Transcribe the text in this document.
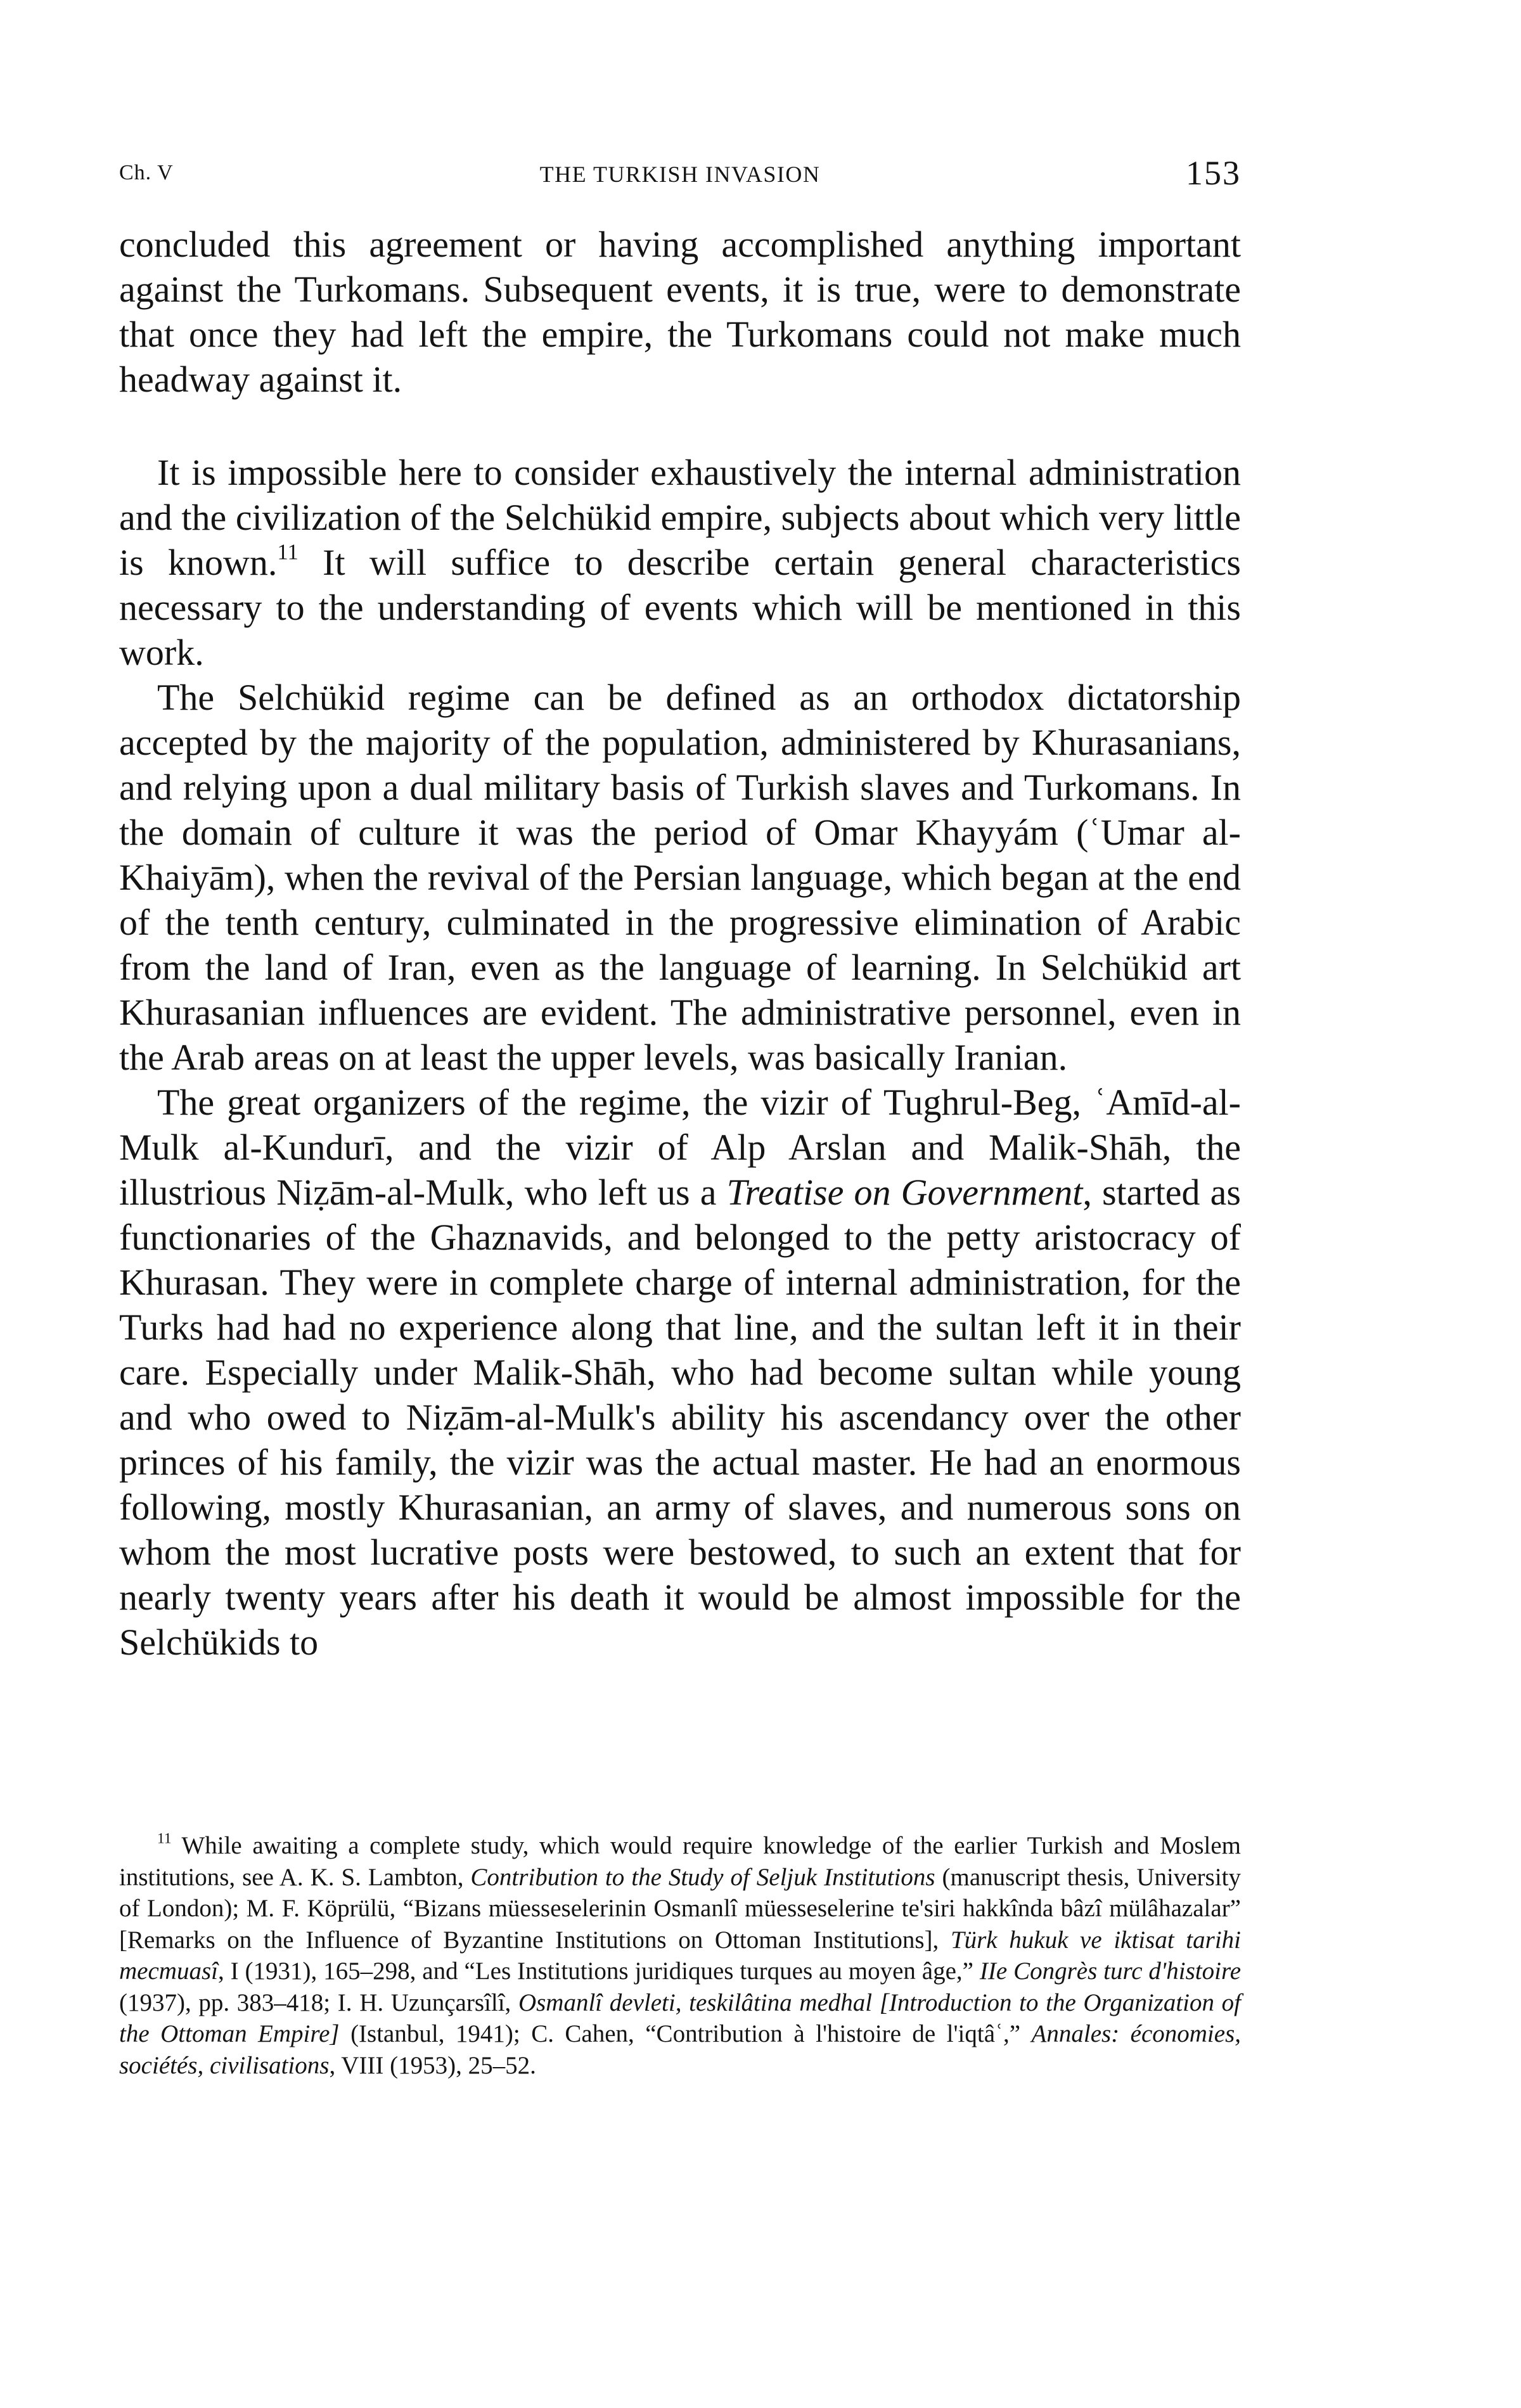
Ch. V	THE TURKISH INVASION	153

concluded this agreement or having accomplished anything important against the Turkomans. Subsequent events, it is true, were to demonstrate that once they had left the empire, the Turkomans could not make much headway against it.

It is impossible here to consider exhaustively the internal administration and the civilization of the Selchükid empire, subjects about which very little is known.$^{11}$ It will suffice to describe certain general characteristics necessary to the understanding of events which will be mentioned in this work.

The Selchükid regime can be defined as an orthodox dictatorship accepted by the majority of the population, administered by Khurasanians, and relying upon a dual military basis of Turkish slaves and Turkomans. In the domain of culture it was the period of Omar Khayyám (ʿUmar al-Khaiyām), when the revival of the Persian language, which began at the end of the tenth century, culminated in the progressive elimination of Arabic from the land of Iran, even as the language of learning. In Selchükid art Khurasanian influences are evident. The administrative personnel, even in the Arab areas on at least the upper levels, was basically Iranian.

The great organizers of the regime, the vizir of Tughrul-Beg, ʿAmīd-al-Mulk al-Kundurī, and the vizir of Alp Arslan and Malik-Shāh, the illustrious Niẓām-al-Mulk, who left us a Treatise on Government, started as functionaries of the Ghaznavids, and belonged to the petty aristocracy of Khurasan. They were in complete charge of internal administration, for the Turks had had no experience along that line, and the sultan left it in their care. Especially under Malik-Shāh, who had become sultan while young and who owed to Niẓām-al-Mulk's ability his ascendancy over the other princes of his family, the vizir was the actual master. He had an enormous following, mostly Khurasanian, an army of slaves, and numerous sons on whom the most lucrative posts were bestowed, to such an extent that for nearly twenty years after his death it would be almost impossible for the Selchükids to

$^{11}$ While awaiting a complete study, which would require knowledge of the earlier Turkish and Moslem institutions, see A. K. S. Lambton, Contribution to the Study of Seljuk Institutions (manuscript thesis, University of London); M. F. Köprülü, “Bizans müesseselerinin Osmanlî müesseselerine te'siri hakkînda bâzî mülâhazalar” [Remarks on the Influence of Byzantine Institutions on Ottoman Institutions], Türk hukuk ve iktisat tarihi mecmuasî, I (1931), 165–298, and “Les Institutions juridiques turques au moyen âge,” IIe Congrès turc d'histoire (1937), pp. 383–418; I. H. Uzunçarsîlî, Osmanlî devleti, teskilâtina medhal [Introduction to the Organization of the Ottoman Empire] (Istanbul, 1941); C. Cahen, “Contribution à l'histoire de l'iqtâʿ,” Annales: économies, sociétés, civilisations, VIII (1953), 25–52.
